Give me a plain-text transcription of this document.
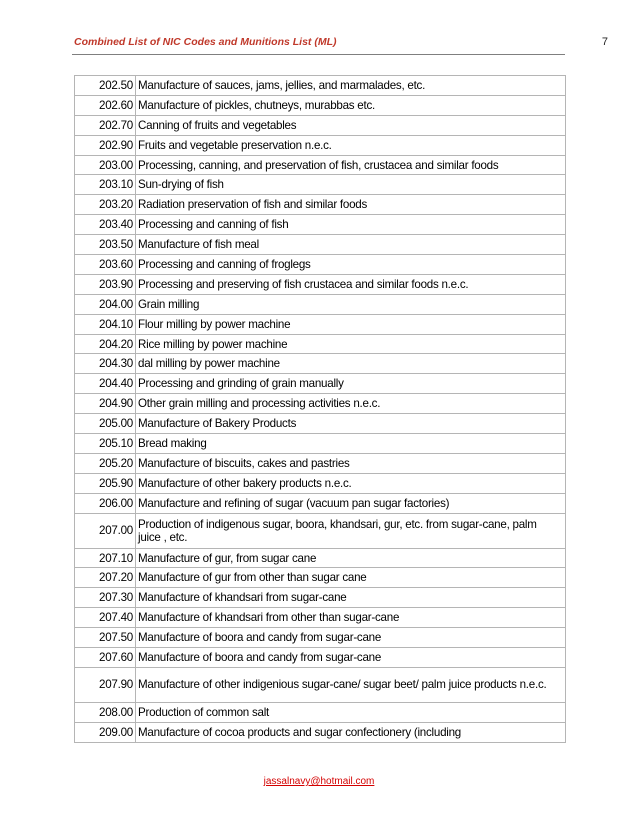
Combined List of NIC Codes and Munitions List (ML)	7
202.50	Manufacture of sauces, jams, jellies, and marmalades, etc.
202.60	Manufacture of pickles, chutneys, murabbas etc.
202.70	Canning of fruits and vegetables
202.90	Fruits and vegetable preservation n.e.c.
203.00	Processing, canning, and preservation of fish, crustacea and similar foods
203.10	Sun-drying of fish
203.20	Radiation preservation of fish and similar foods
203.40	Processing and canning of fish
203.50	Manufacture of fish meal
203.60	Processing and canning of froglegs
203.90	Processing and preserving of fish crustacea and similar foods n.e.c.
204.00	Grain milling
204.10	Flour milling by power machine
204.20	Rice milling by power machine
204.30	dal milling by power machine
204.40	Processing and grinding of grain manually
204.90	Other grain milling and processing activities n.e.c.
205.00	Manufacture of Bakery Products
205.10	Bread making
205.20	Manufacture of biscuits, cakes and pastries
205.90	Manufacture of other bakery products n.e.c.
206.00	Manufacture and refining of sugar (vacuum pan sugar factories)
207.00	Production of indigenous sugar, boora, khandsari, gur, etc. from sugar-cane, palm juice , etc.
207.10	Manufacture of gur, from sugar cane
207.20	Manufacture of gur from other than sugar cane
207.30	Manufacture of khandsari from sugar-cane
207.40	Manufacture of khandsari from other than sugar-cane
207.50	Manufacture of boora and candy from sugar-cane
207.60	Manufacture of boora and candy from sugar-cane
207.90	Manufacture of other indigenious sugar-cane/ sugar beet/ palm juice products n.e.c.
208.00	Production of common salt
209.00	Manufacture of cocoa products and sugar confectionery (including
jassalnavy@hotmail.com
